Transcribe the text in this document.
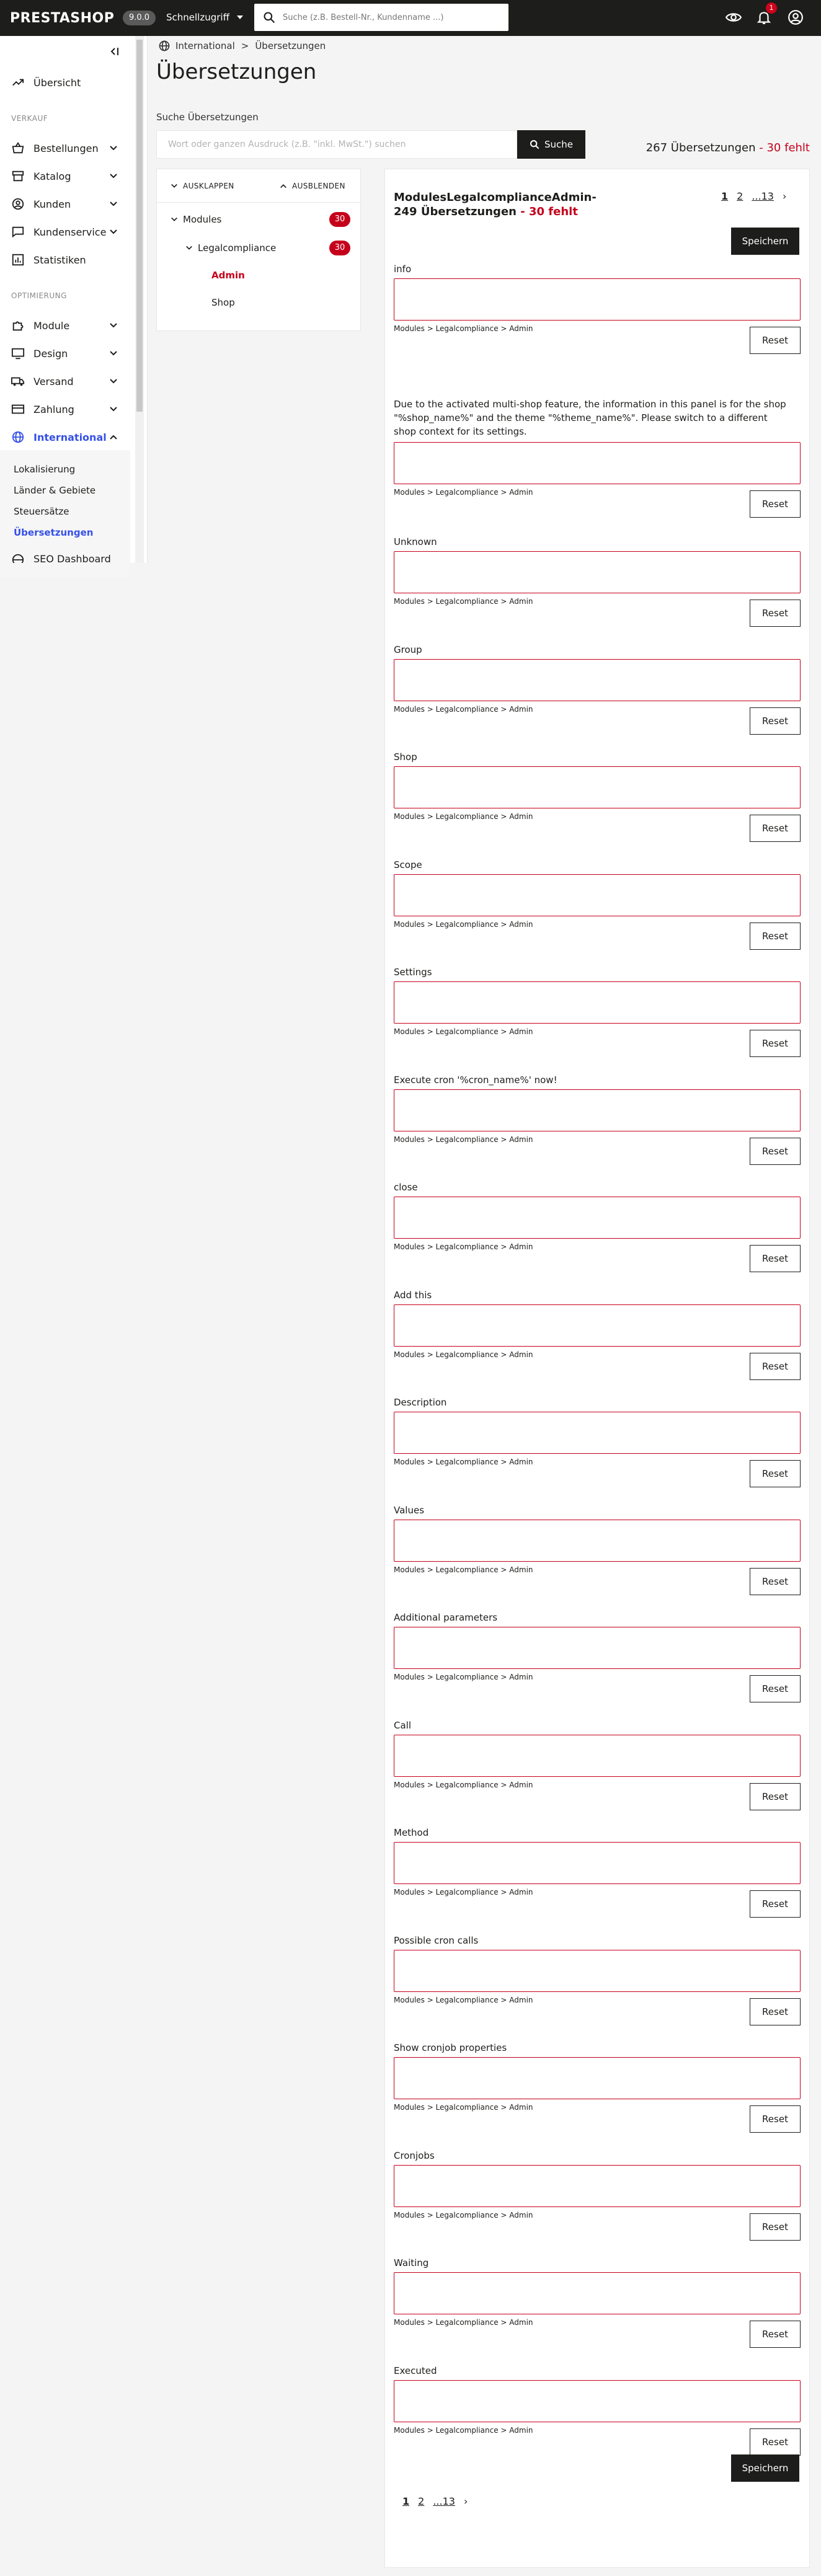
PRESTASHOP	9.0.0	Schnellzugriff
Suche (z.B. Bestell-Nr., Kundenname ...)
1
Übersicht
VERKAUF
Bestellungen
Katalog
Kunden
Kundenservice
Statistiken
OPTIMIERUNG
Module
Design
Versand
Zahlung
International
Lokalisierung
Länder & Gebiete
Steuersätze
Übersetzungen
SEO Dashboard
International > Übersetzungen
Übersetzungen
Suche Übersetzungen
Wort oder ganzen Ausdruck (z.B. "inkl. MwSt.") suchen
Suche	267 Übersetzungen - 30 fehlt
AUSKLAPPEN	AUSBLENDEN
Modules	30
Legalcompliance	30
Admin
Shop
ModulesLegalcomplianceAdmin- 249 Übersetzungen - 30 fehlt
1 2 ...13 ›
Speichern
info
Modules > Legalcompliance > Admin
Reset
Due to the activated multi-shop feature, the information in this panel is for the shop "%shop_name%" and the theme "%theme_name%". Please switch to a different shop context for its settings.
Modules > Legalcompliance > Admin
Reset
Unknown
Modules > Legalcompliance > Admin
Reset
Group
Modules > Legalcompliance > Admin
Reset
Shop
Modules > Legalcompliance > Admin
Reset
Scope
Modules > Legalcompliance > Admin
Reset
Settings
Modules > Legalcompliance > Admin
Reset
Execute cron '%cron_name%' now!
Modules > Legalcompliance > Admin
Reset
close
Modules > Legalcompliance > Admin
Reset
Add this
Modules > Legalcompliance > Admin
Reset
Description
Modules > Legalcompliance > Admin
Reset
Values
Modules > Legalcompliance > Admin
Reset
Additional parameters
Modules > Legalcompliance > Admin
Reset
Call
Modules > Legalcompliance > Admin
Reset
Method
Modules > Legalcompliance > Admin
Reset
Possible cron calls
Modules > Legalcompliance > Admin
Reset
Show cronjob properties
Modules > Legalcompliance > Admin
Reset
Cronjobs
Modules > Legalcompliance > Admin
Reset
Waiting
Modules > Legalcompliance > Admin
Reset
Executed
Modules > Legalcompliance > Admin
Reset
Speichern
1 2 ...13 ›
